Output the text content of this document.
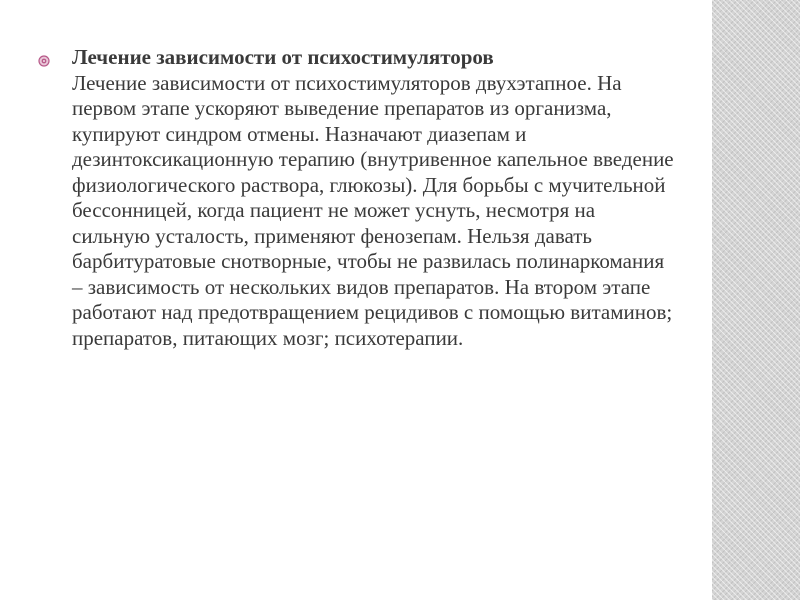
Лечение зависимости от психостимуляторов
Лечение зависимости от психостимуляторов двухэтапное. На первом этапе ускоряют выведение препаратов из организма, купируют синдром отмены. Назначают диазепам и дезинтоксикационную терапию (внутривенное капельное введение физиологического раствора, глюкозы). Для борьбы с мучительной бессонницей, когда пациент не может уснуть, несмотря на сильную усталость, применяют фенозепам. Нельзя давать барбитуратовые снотворные, чтобы не развилась полинаркомания – зависимость от нескольких видов препаратов. На втором этапе работают над предотвращением рецидивов с помощью витаминов; препаратов, питающих мозг; психотерапии.
